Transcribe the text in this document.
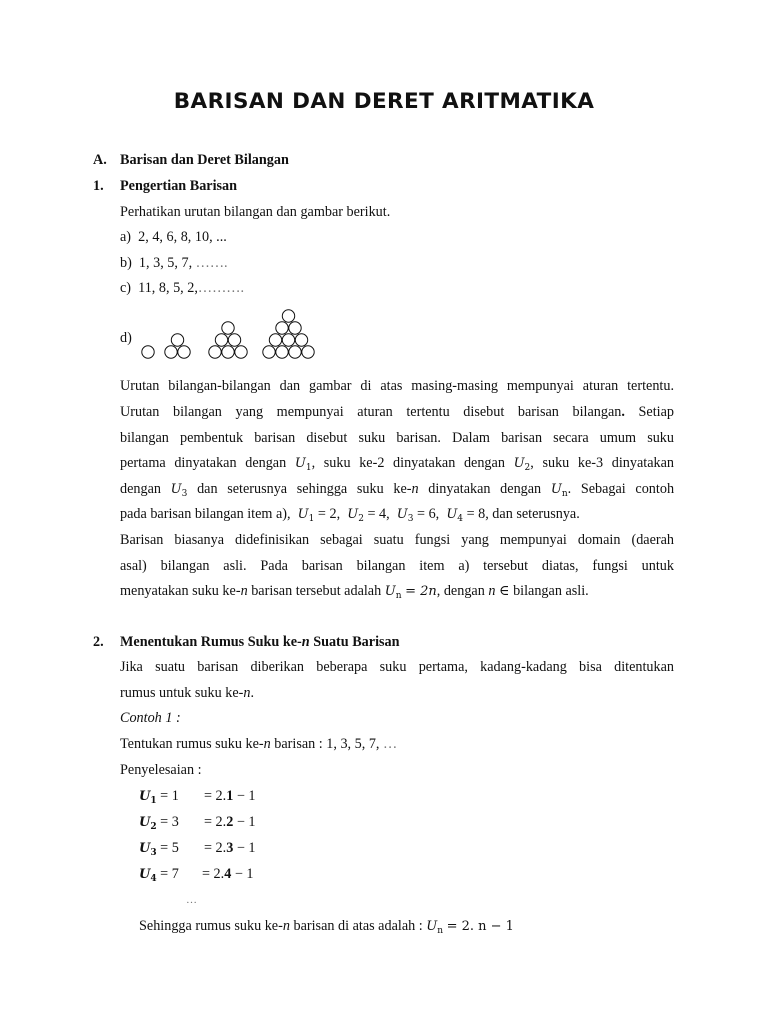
BARISAN DAN DERET ARITMATIKA
A. Barisan dan Deret Bilangan
1. Pengertian Barisan
Perhatikan urutan bilangan dan gambar berikut.
a) 2, 4, 6, 8, 10, ...
b) 1, 3, 5, 7, …….
c) 11, 8, 5, 2,……….
d)
Urutan bilangan-bilangan dan gambar di atas masing-masing mempunyai aturan tertentu.
Urutan bilangan yang mempunyai aturan tertentu disebut barisan bilangan. Setiap
bilangan pembentuk barisan disebut suku barisan. Dalam barisan secara umum suku
pertama dinyatakan dengan $U_1$, suku ke-2 dinyatakan dengan $U_2$, suku ke-3 dinyatakan
dengan $U_3$ dan seterusnya sehingga suku ke-n dinyatakan dengan $U_n$. Sebagai contoh
pada barisan bilangan item a), $U_1 = 2$, $U_2 = 4$, $U_3 = 6$, $U_4 = 8$, dan seterusnya.
Barisan biasanya didefinisikan sebagai suatu fungsi yang mempunyai domain (daerah
asal) bilangan asli. Pada barisan bilangan item a) tersebut diatas, fungsi untuk
menyatakan suku ke-n barisan tersebut adalah $U_n = 2n$, dengan n ∈ bilangan asli.
2. Menentukan Rumus Suku ke-n Suatu Barisan
Jika suatu barisan diberikan beberapa suku pertama, kadang-kadang bisa ditentukan
rumus untuk suku ke-n.
Contoh 1 :
Tentukan rumus suku ke-n barisan : 1, 3, 5, 7, …
Penyelesaian :
$U_1 = 1 = 2.1 - 1$
$U_2 = 3 = 2.2 - 1$
$U_3 = 5 = 2.3 - 1$
$U_4 = 7 = 2.4 - 1$
…
Sehingga rumus suku ke-n barisan di atas adalah : $U_n = 2$. n − 1
